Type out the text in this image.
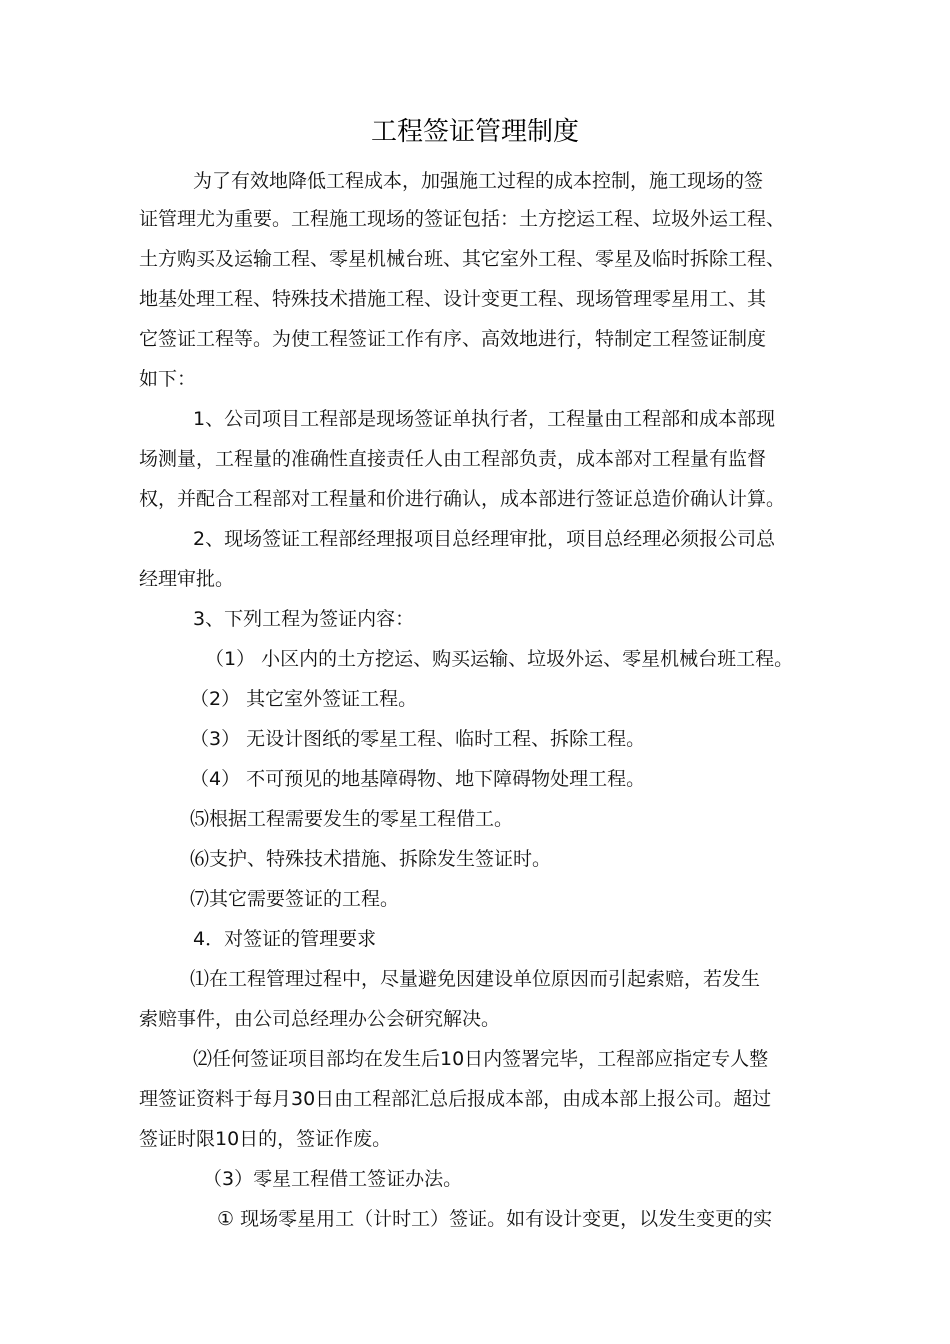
工程签证管理制度
为了有效地降低工程成本，加强施工过程的成本控制，施工现场的签
证管理尤为重要。工程施工现场的签证包括：土方挖运工程、垃圾外运工程、
土方购买及运输工程、零星机械台班、其它室外工程、零星及临时拆除工程、
地基处理工程、特殊技术措施工程、设计变更工程、现场管理零星用工、其
它签证工程等。为使工程签证工作有序、高效地进行，特制定工程签证制度
如下：
1、公司项目工程部是现场签证单执行者，工程量由工程部和成本部现
场测量，工程量的准确性直接责任人由工程部负责，成本部对工程量有监督
权，并配合工程部对工程量和价进行确认，成本部进行签证总造价确认计算。
2、现场签证工程部经理报项目总经理审批，项目总经理必须报公司总
经理审批。
3、下列工程为签证内容：
（1） 小区内的土方挖运、购买运输、垃圾外运、零星机械台班工程。
（2） 其它室外签证工程。
（3） 无设计图纸的零星工程、临时工程、拆除工程。
（4） 不可预见的地基障碍物、地下障碍物处理工程。
⑸根据工程需要发生的零星工程借工。
⑹支护、特殊技术措施、拆除发生签证时。
⑺其它需要签证的工程。
4．对签证的管理要求
⑴在工程管理过程中，尽量避免因建设单位原因而引起索赔，若发生
索赔事件，由公司总经理办公会研究解决。
⑵任何签证项目部均在发生后10日内签署完毕，工程部应指定专人整
理签证资料于每月30日由工程部汇总后报成本部，由成本部上报公司。超过
签证时限10日的，签证作废。
（3）零星工程借工签证办法。
① 现场零星用工（计时工）签证。如有设计变更，以发生变更的实
